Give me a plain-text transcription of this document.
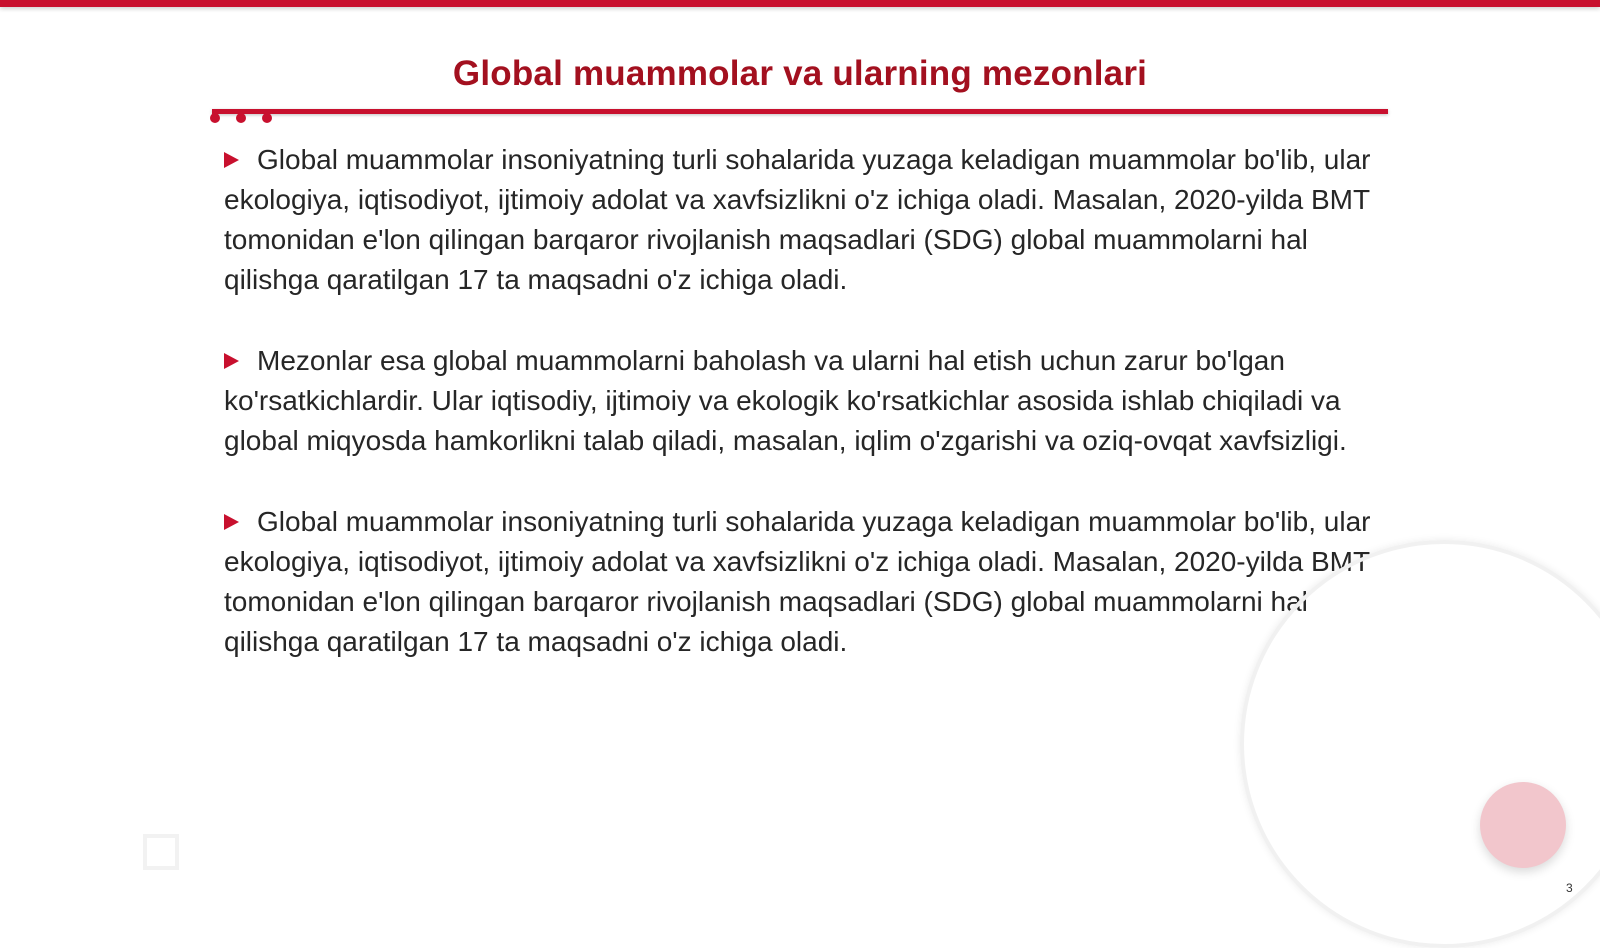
Global muammolar va ularning mezonlari

Global muammolar insoniyatning turli sohalarida yuzaga keladigan muammolar bo'lib, ular ekologiya, iqtisodiyot, ijtimoiy adolat va xavfsizlikni o'z ichiga oladi. Masalan, 2020-yilda BMT tomonidan e'lon qilingan barqaror rivojlanish maqsadlari (SDG) global muammolarni hal qilishga qaratilgan 17 ta maqsadni o'z ichiga oladi.

Mezonlar esa global muammolarni baholash va ularni hal etish uchun zarur bo'lgan ko'rsatkichlardir. Ular iqtisodiy, ijtimoiy va ekologik ko'rsatkichlar asosida ishlab chiqiladi va global miqyosda hamkorlikni talab qiladi, masalan, iqlim o'zgarishi va oziq-ovqat xavfsizligi.

Global muammolar insoniyatning turli sohalarida yuzaga keladigan muammolar bo'lib, ular ekologiya, iqtisodiyot, ijtimoiy adolat va xavfsizlikni o'z ichiga oladi. Masalan, 2020-yilda BMT tomonidan e'lon qilingan barqaror rivojlanish maqsadlari (SDG) global muammolarni hal qilishga qaratilgan 17 ta maqsadni o'z ichiga oladi.

3
